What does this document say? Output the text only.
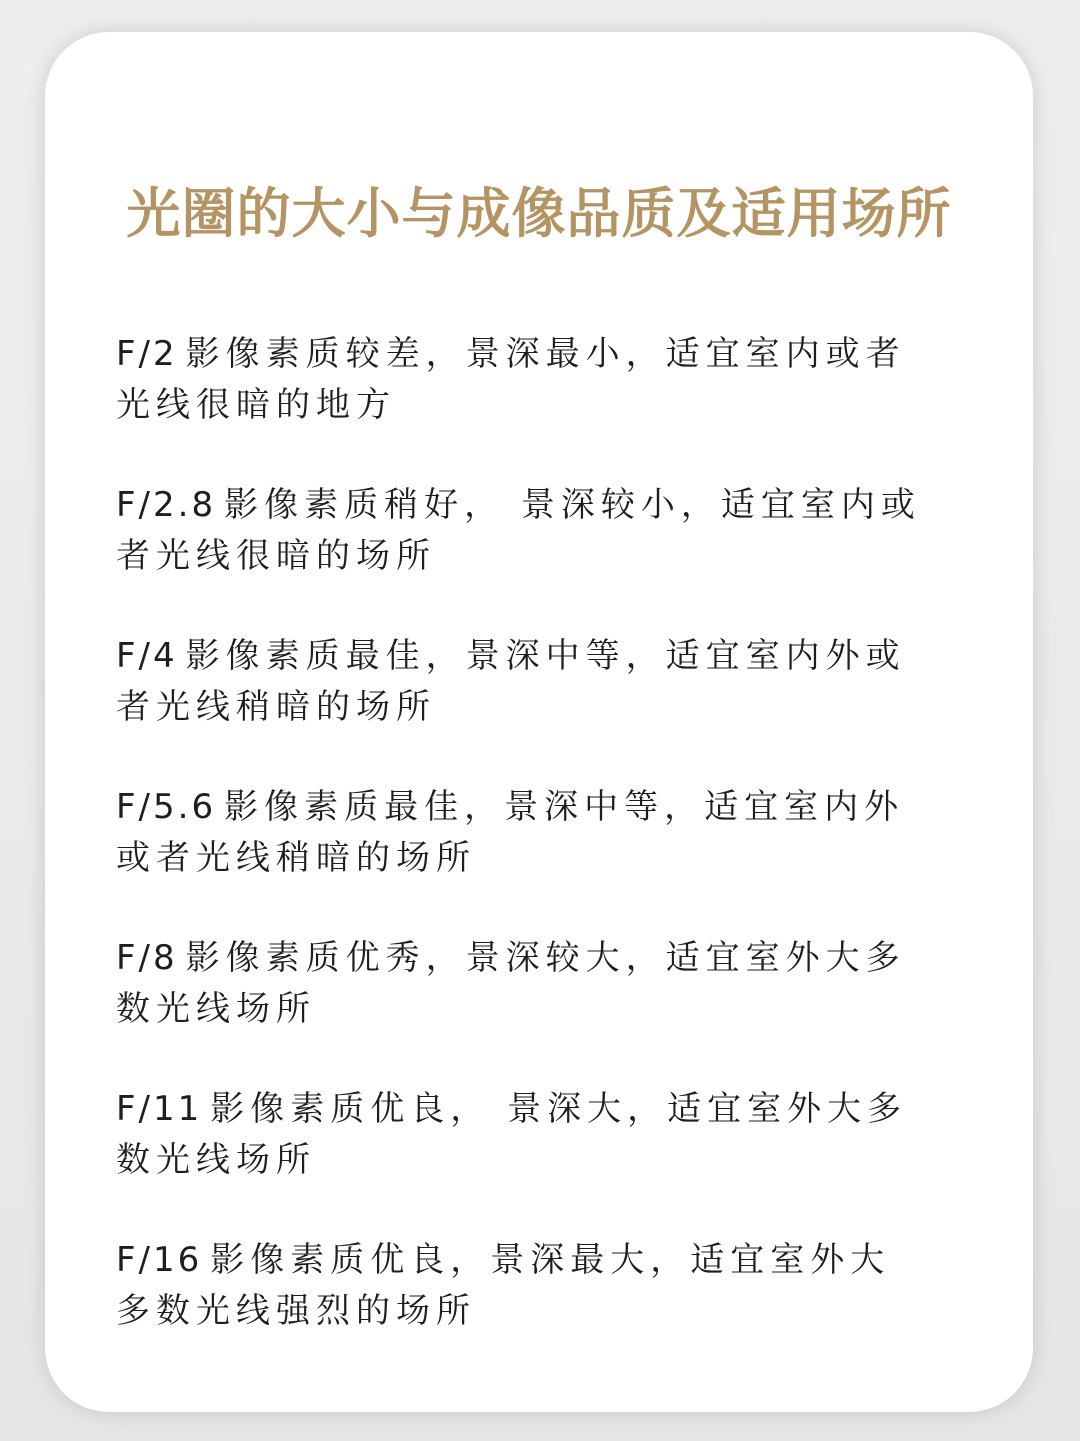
光圈的大小与成像品质及适用场所
F/2 影像素质较差，景深最小，适宜室内或者
光线很暗的地方
F/2.8 影像素质稍好， 景深较小，适宜室内或
者光线很暗的场所
F/4 影像素质最佳，景深中等，适宜室内外或
者光线稍暗的场所
F/5.6 影像素质最佳，景深中等，适宜室内外
或者光线稍暗的场所
F/8 影像素质优秀，景深较大，适宜室外大多
数光线场所
F/11 影像素质优良， 景深大，适宜室外大多
数光线场所
F/16 影像素质优良，景深最大，适宜室外大
多数光线强烈的场所
